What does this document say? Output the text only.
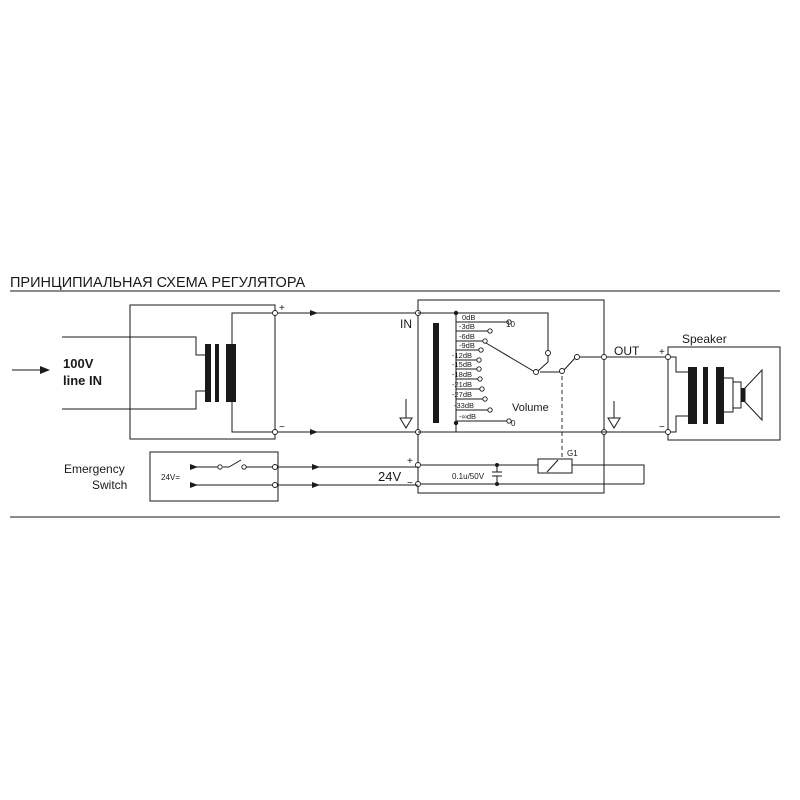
ПРИНЦИПИАЛЬНАЯ СХЕМА РЕГУЛЯТОРА
100V
line IN
+
−
IN	0dB
10
-3dB
-6dB
-9dB
-12dB
-15dB
-18dB
-21dB
-27dB
-33dB
-∞dB
0
Volume
OUT +
−
Speaker
24V=
Emergency
Switch
24V
+
−
0.1u/50V
G1
